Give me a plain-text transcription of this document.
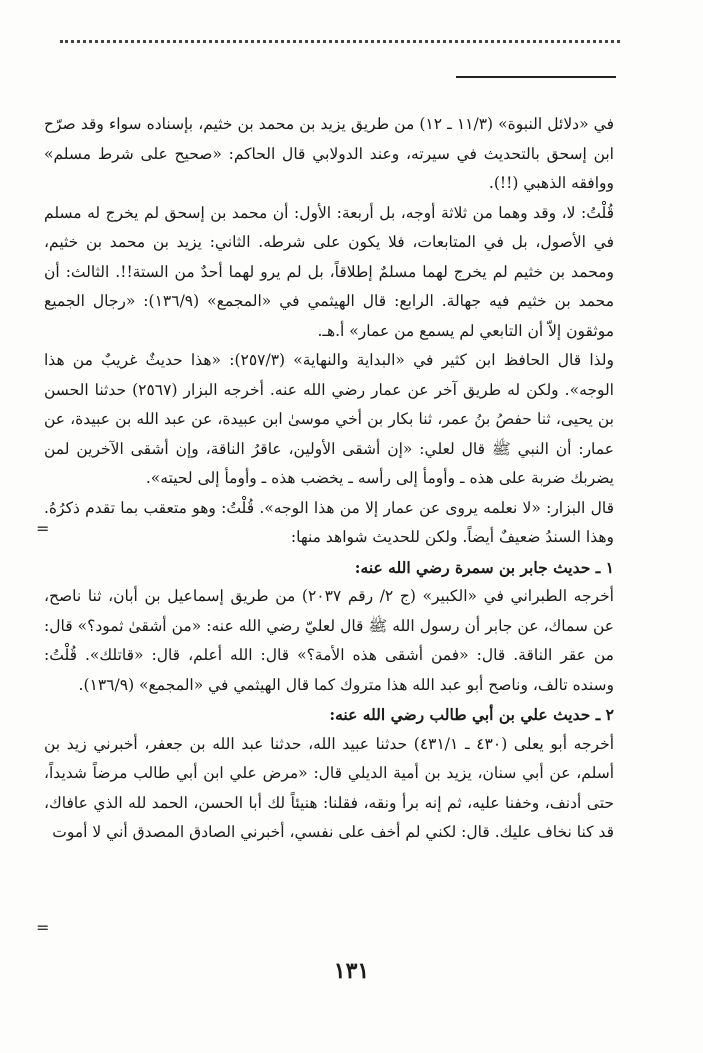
في «دلائل النبوة» (١١/٣ ـ ١٢) من طريق يزيد بن محمد بن خثيم، بإسناده سواء وقد صرّح ابن إسحق بالتحديث في سيرته، وعند الدولابي قال الحاكم: «صحيح على شرط مسلم» ووافقه الذهبي (!!).

قُلْتُ: لا، وقد وهما من ثلاثة أوجه، بل أربعة: الأول: أن محمد بن إسحق لم يخرج له مسلم في الأصول، بل في المتابعات، فلا يكون على شرطه. الثاني: يزيد بن محمد بن خثيم، ومحمد بن خثيم لم يخرج لهما مسلمٌ إطلاقاً، بل لم يرو لهما أحدٌ من الستة!!. الثالث: أن محمد بن خثيم فيه جهالة. الرابع: قال الهيثمي في «المجمع» (١٣٦/٩): «رجال الجميع موثقون إلاّ أن التابعي لم يسمع من عمار» أ.هـ.

ولذا قال الحافظ ابن كثير في «البداية والنهاية» (٢٥٧/٣): «هذا حديثٌ غريبٌ من هذا الوجه». ولكن له طريق آخر عن عمار رضي الله عنه. أخرجه البزار (٢٥٦٧) حدثنا الحسن بن يحيى، ثنا حفصُ بنُ عمر، ثنا بكار بن أخي موسىٰ ابن عبيدة، عن عبد الله بن عبيدة، عن عمار: أن النبي ﷺ قال لعلي: «إن أشقى الأولين، عاقرُ الناقة، وإن أشقى الآخرين لمن يضربك ضربة على هذه ـ وأومأ إلى رأسه ـ يخضب هذه ـ وأومأ إلى لحيته».

قال البزار: «لا نعلمه يروى عن عمار إلا من هذا الوجه». قُلْتُ: وهو متعقب بما تقدم ذكرُهُ. وهذا السندُ ضعيفٌ أيضاً. ولكن للحديث شواهد منها:

١ ـ حديث جابر بن سمرة رضي الله عنه:

أخرجه الطبراني في «الكبير» (ج ٢/ رقم ٢٠٣٧) من طريق إسماعيل بن أبان، ثنا ناصح، عن سماك، عن جابر أن رسول الله ﷺ قال لعليّ رضي الله عنه: «من أشقىٰ ثمود؟» قال: من عقر الناقة. قال: «فمن أشقى هذه الأمة؟» قال: الله أعلم، قال: «قاتلك». قُلْتُ: وسنده تالف، وناصح أبو عبد الله هذا متروك كما قال الهيثمي في «المجمع» (١٣٦/٩).

٢ ـ حديث علي بن أبي طالب رضي الله عنه:

أخرجه أبو يعلى (٤٣٠ ـ ٤٣١/١) حدثنا عبيد الله، حدثنا عبد الله بن جعفر، أخبرني زيد بن أسلم، عن أبي سنان، يزيد بن أمية الديلي قال: «مرض علي ابن أبي طالب مرضاً شديداً، حتى أدنف، وخفنا عليه، ثم إنه برأ ونقه، فقلنا: هنيئاً لك أبا الحسن، الحمد لله الذي عافاك، قد كنا نخاف عليك. قال: لكني لم أخف على نفسي، أخبرني الصادق المصدق أني لا أموت

=
=
١٣١
